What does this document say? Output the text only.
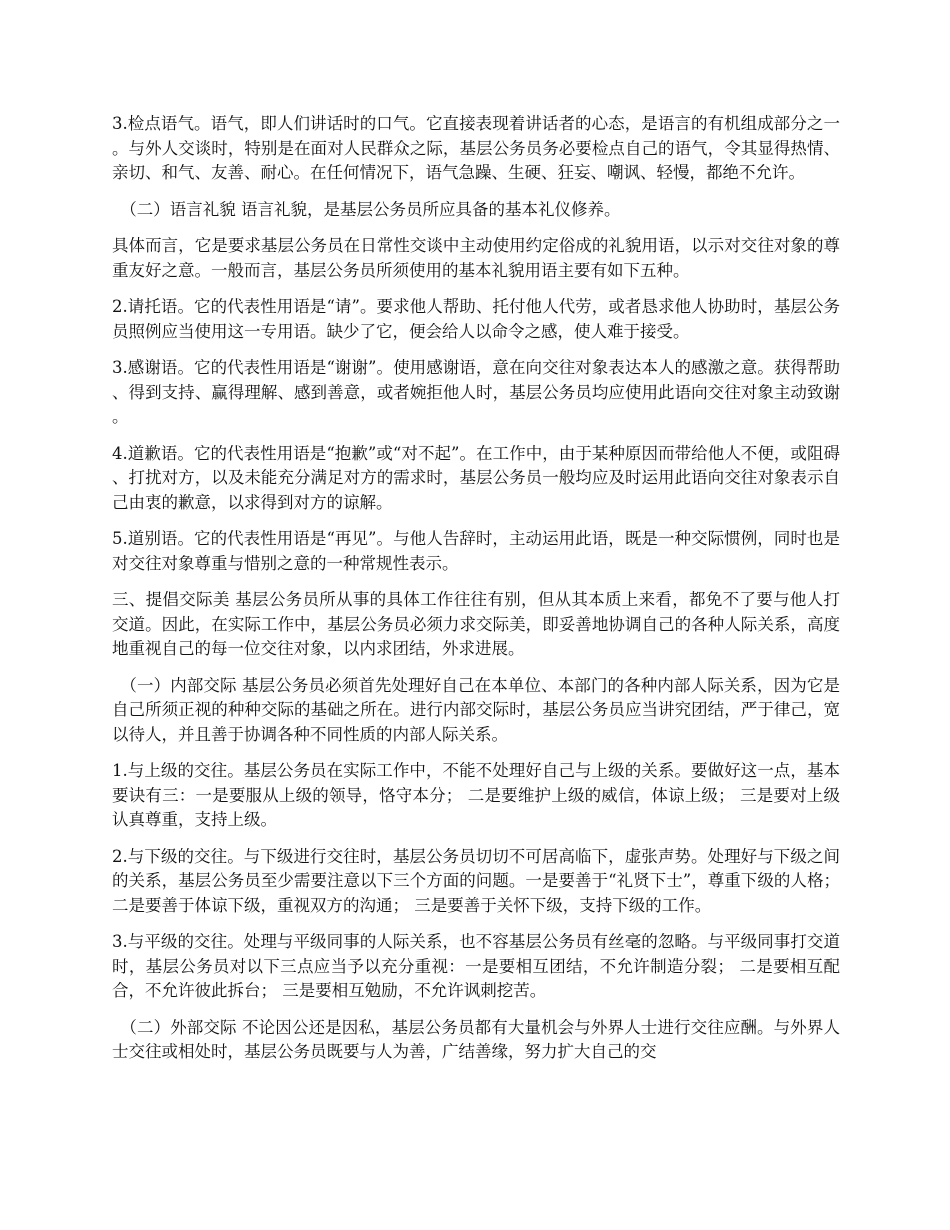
3.检点语气。语气，即人们讲话时的口气。它直接表现着讲话者的心态，是语言的有机组成部分之一。与外人交谈时，特别是在面对人民群众之际，基层公务员务必要检点自己的语气，令其显得热情、亲切、和气、友善、耐心。在任何情况下，语气急躁、生硬、狂妄、嘲讽、轻慢，都绝不允许。

　（二）语言礼貌 语言礼貌，是基层公务员所应具备的基本礼仪修养。

具体而言，它是要求基层公务员在日常性交谈中主动使用约定俗成的礼貌用语，以示对交往对象的尊重友好之意。一般而言，基层公务员所须使用的基本礼貌用语主要有如下五种。

2.请托语。它的代表性用语是“请”。要求他人帮助、托付他人代劳，或者恳求他人协助时，基层公务员照例应当使用这一专用语。缺少了它，便会给人以命令之感，使人难于接受。

3.感谢语。它的代表性用语是“谢谢”。使用感谢语，意在向交往对象表达本人的感激之意。获得帮助、得到支持、赢得理解、感到善意，或者婉拒他人时，基层公务员均应使用此语向交往对象主动致谢。

4.道歉语。它的代表性用语是“抱歉”或“对不起”。在工作中，由于某种原因而带给他人不便，或阻碍、打扰对方，以及未能充分满足对方的需求时，基层公务员一般均应及时运用此语向交往对象表示自己由衷的歉意，以求得到对方的谅解。

5.道别语。它的代表性用语是“再见”。与他人告辞时，主动运用此语，既是一种交际惯例，同时也是对交往对象尊重与惜别之意的一种常规性表示。

三、提倡交际美 基层公务员所从事的具体工作往往有别，但从其本质上来看，都免不了要与他人打交道。因此，在实际工作中，基层公务员必须力求交际美，即妥善地协调自己的各种人际关系，高度地重视自己的每一位交往对象，以内求团结，外求进展。

　（一）内部交际 基层公务员必须首先处理好自己在本单位、本部门的各种内部人际关系，因为它是自己所须正视的种种交际的基础之所在。进行内部交际时，基层公务员应当讲究团结，严于律己，宽以待人，并且善于协调各种不同性质的内部人际关系。

1.与上级的交往。基层公务员在实际工作中，不能不处理好自己与上级的关系。要做好这一点，基本要诀有三：一是要服从上级的领导，恪守本分； 二是要维护上级的威信，体谅上级； 三是要对上级认真尊重，支持上级。

2.与下级的交往。与下级进行交往时，基层公务员切切不可居高临下，虚张声势。处理好与下级之间的关系，基层公务员至少需要注意以下三个方面的问题。一是要善于“礼贤下士”，尊重下级的人格； 二是要善于体谅下级，重视双方的沟通； 三是要善于关怀下级，支持下级的工作。

3.与平级的交往。处理与平级同事的人际关系，也不容基层公务员有丝毫的忽略。与平级同事打交道时，基层公务员对以下三点应当予以充分重视：一是要相互团结，不允许制造分裂； 二是要相互配合，不允许彼此拆台； 三是要相互勉励，不允许讽刺挖苦。

　（二）外部交际 不论因公还是因私，基层公务员都有大量机会与外界人士进行交往应酬。与外界人士交往或相处时，基层公务员既要与人为善，广结善缘，努力扩大自己的交
